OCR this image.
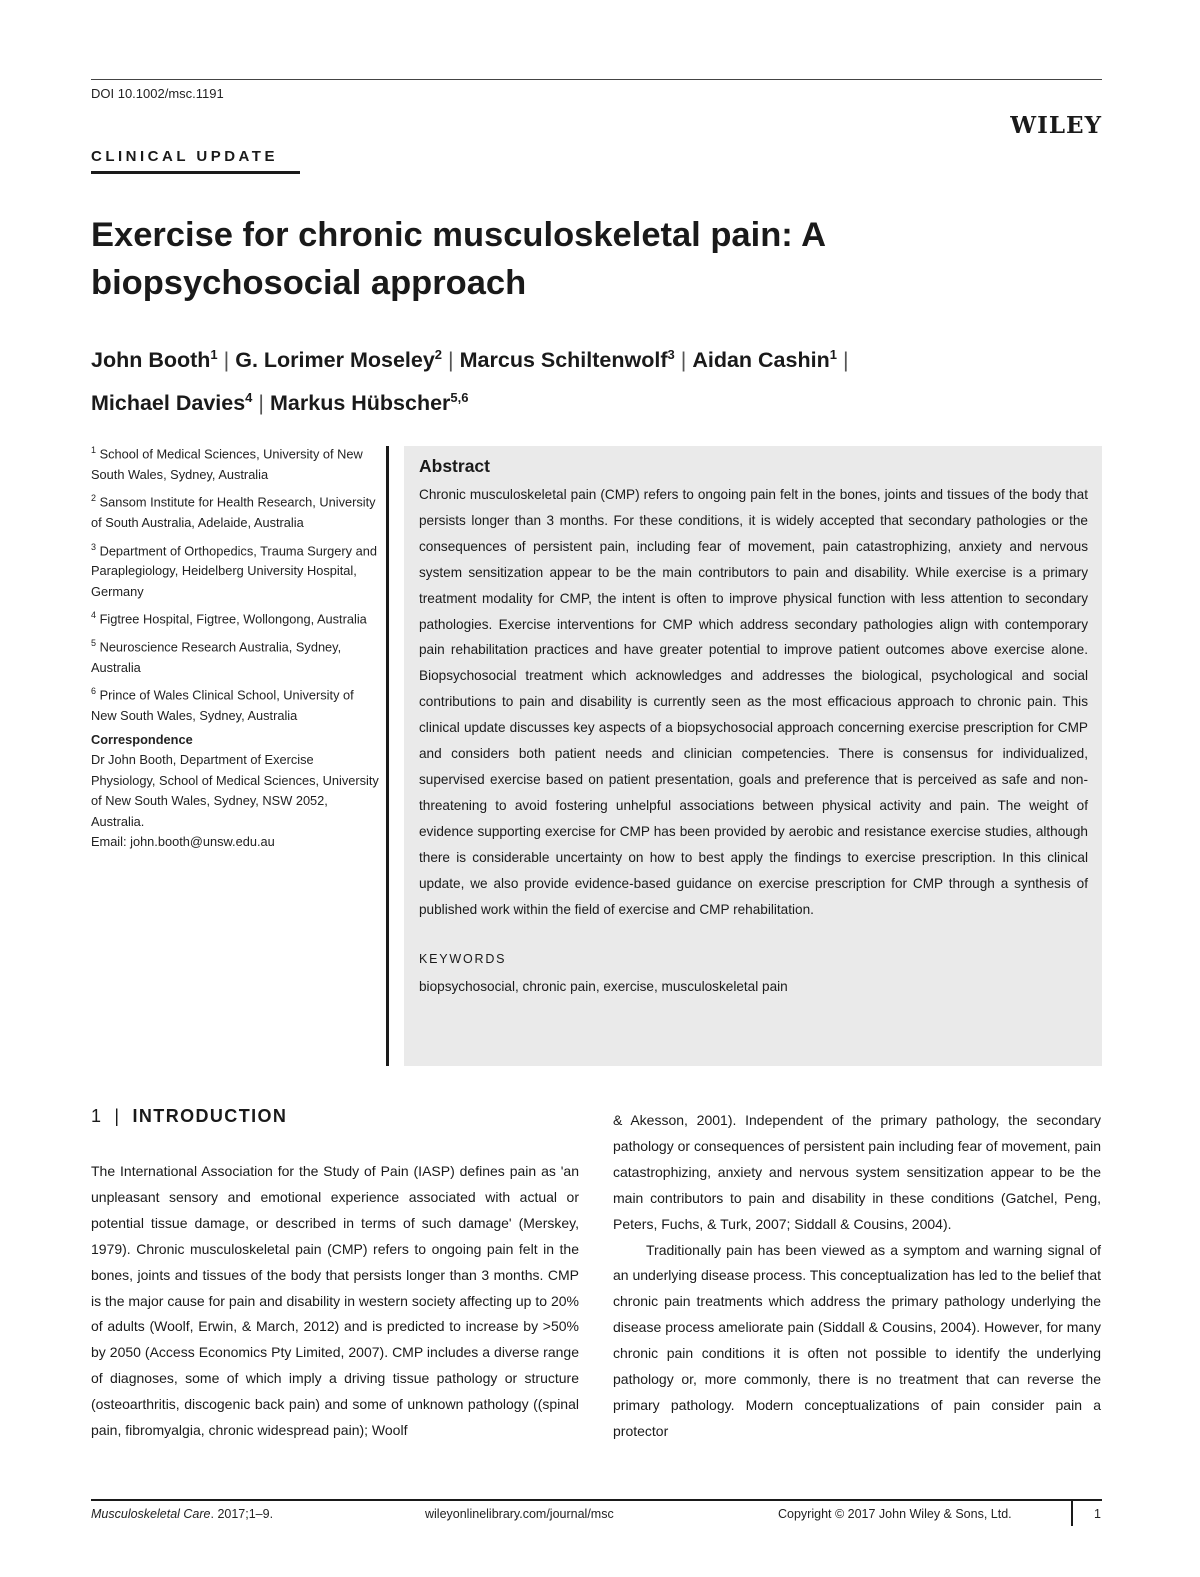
DOI 10.1002/msc.1191
WILEY
CLINICAL UPDATE
Exercise for chronic musculoskeletal pain: A biopsychosocial approach
John Booth$^1$ | G. Lorimer Moseley$^2$ | Marcus Schiltenwolf$^3$ | Aidan Cashin$^1$ |
Michael Davies$^4$ | Markus Hübscher$^{5,6}$
$^1$ School of Medical Sciences, University of New South Wales, Sydney, Australia
$^2$ Sansom Institute for Health Research, University of South Australia, Adelaide, Australia
$^3$ Department of Orthopedics, Trauma Surgery and Paraplegiology, Heidelberg University Hospital, Germany
$^4$ Figtree Hospital, Figtree, Wollongong, Australia
$^5$ Neuroscience Research Australia, Sydney, Australia
$^6$ Prince of Wales Clinical School, University of New South Wales, Sydney, Australia
Correspondence
Dr John Booth, Department of Exercise Physiology, School of Medical Sciences, University of New South Wales, Sydney, NSW 2052, Australia.
Email: john.booth@unsw.edu.au
Abstract
Chronic musculoskeletal pain (CMP) refers to ongoing pain felt in the bones, joints and tissues of the body that persists longer than 3 months. For these conditions, it is widely accepted that secondary pathologies or the consequences of persistent pain, including fear of movement, pain catastrophizing, anxiety and nervous system sensitization appear to be the main contributors to pain and disability. While exercise is a primary treatment modality for CMP, the intent is often to improve physical function with less attention to secondary pathologies. Exercise interventions for CMP which address secondary pathologies align with contemporary pain rehabilitation practices and have greater potential to improve patient outcomes above exercise alone. Biopsychosocial treatment which acknowledges and addresses the biological, psychological and social contributions to pain and disability is currently seen as the most efficacious approach to chronic pain. This clinical update discusses key aspects of a biopsychosocial approach concerning exercise prescription for CMP and considers both patient needs and clinician competencies. There is consensus for individualized, supervised exercise based on patient presentation, goals and preference that is perceived as safe and non-threatening to avoid fostering unhelpful associations between physical activity and pain. The weight of evidence supporting exercise for CMP has been provided by aerobic and resistance exercise studies, although there is considerable uncertainty on how to best apply the findings to exercise prescription. In this clinical update, we also provide evidence-based guidance on exercise prescription for CMP through a synthesis of published work within the field of exercise and CMP rehabilitation.
KEYWORDS
biopsychosocial, chronic pain, exercise, musculoskeletal pain
1 | INTRODUCTION

The International Association for the Study of Pain (IASP) defines pain as 'an unpleasant sensory and emotional experience associated with actual or potential tissue damage, or described in terms of such damage' (Merskey, 1979). Chronic musculoskeletal pain (CMP) refers to ongoing pain felt in the bones, joints and tissues of the body that persists longer than 3 months. CMP is the major cause for pain and disability in western society affecting up to 20% of adults (Woolf, Erwin, & March, 2012) and is predicted to increase by >50% by 2050 (Access Economics Pty Limited, 2007). CMP includes a diverse range of diagnoses, some of which imply a driving tissue pathology or structure (osteoarthritis, discogenic back pain) and some of unknown pathology ((spinal pain, fibromyalgia, chronic widespread pain); Woolf

& Akesson, 2001). Independent of the primary pathology, the secondary pathology or consequences of persistent pain including fear of movement, pain catastrophizing, anxiety and nervous system sensitization appear to be the main contributors to pain and disability in these conditions (Gatchel, Peng, Peters, Fuchs, & Turk, 2007; Siddall & Cousins, 2004).

Traditionally pain has been viewed as a symptom and warning signal of an underlying disease process. This conceptualization has led to the belief that chronic pain treatments which address the primary pathology underlying the disease process ameliorate pain (Siddall & Cousins, 2004). However, for many chronic pain conditions it is often not possible to identify the underlying pathology or, more commonly, there is no treatment that can reverse the primary pathology. Modern conceptualizations of pain consider pain a protector

Musculoskeletal Care. 2017;1–9.	wileyonlinelibrary.com/journal/msc	Copyright © 2017 John Wiley & Sons, Ltd.	1
